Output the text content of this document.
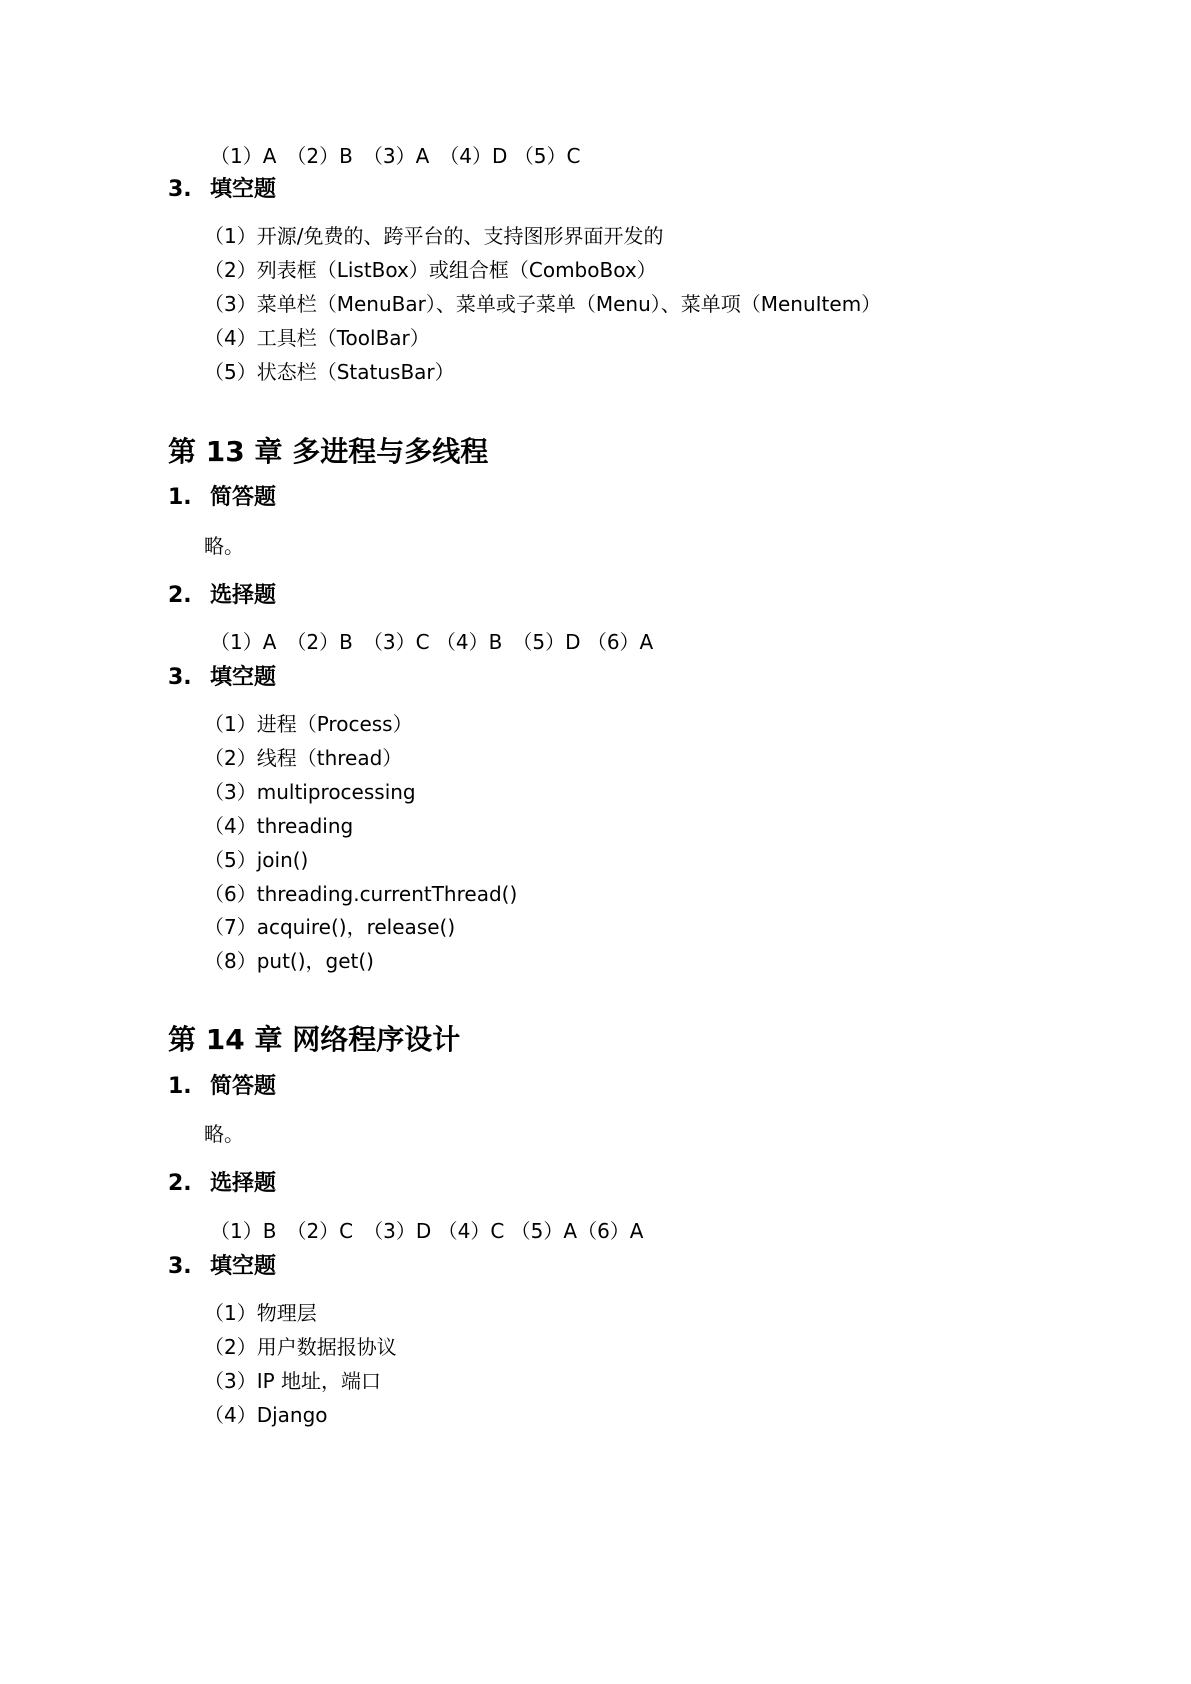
（1）A　（2）B　（3）A　（4）D （5）C
3. 填空题
（1）开源/免费的、跨平台的、支持图形界面开发的
（2）列表框（ListBox）或组合框（ComboBox）
（3）菜单栏（MenuBar）、菜单或子菜单（Menu）、菜单项（MenuItem）
（4）工具栏（ToolBar）
（5）状态栏（StatusBar）
第 13 章 多进程与多线程
1. 简答题
略。
2. 选择题
（1）A　（2）B　（3）C （4）B　（5）D （6）A
3. 填空题
（1）进程（Process）
（2）线程（thread）
（3）multiprocessing
（4）threading
（5）join()
（6）threading.currentThread()
（7）acquire()，release()
（8）put()，get()
第 14 章 网络程序设计
1. 简答题
略。
2. 选择题
（1）B　（2）C　（3）D （4）C （5）A（6）A
3. 填空题
（1）物理层
（2）用户数据报协议
（3）IP 地址，端口
（4）Django
